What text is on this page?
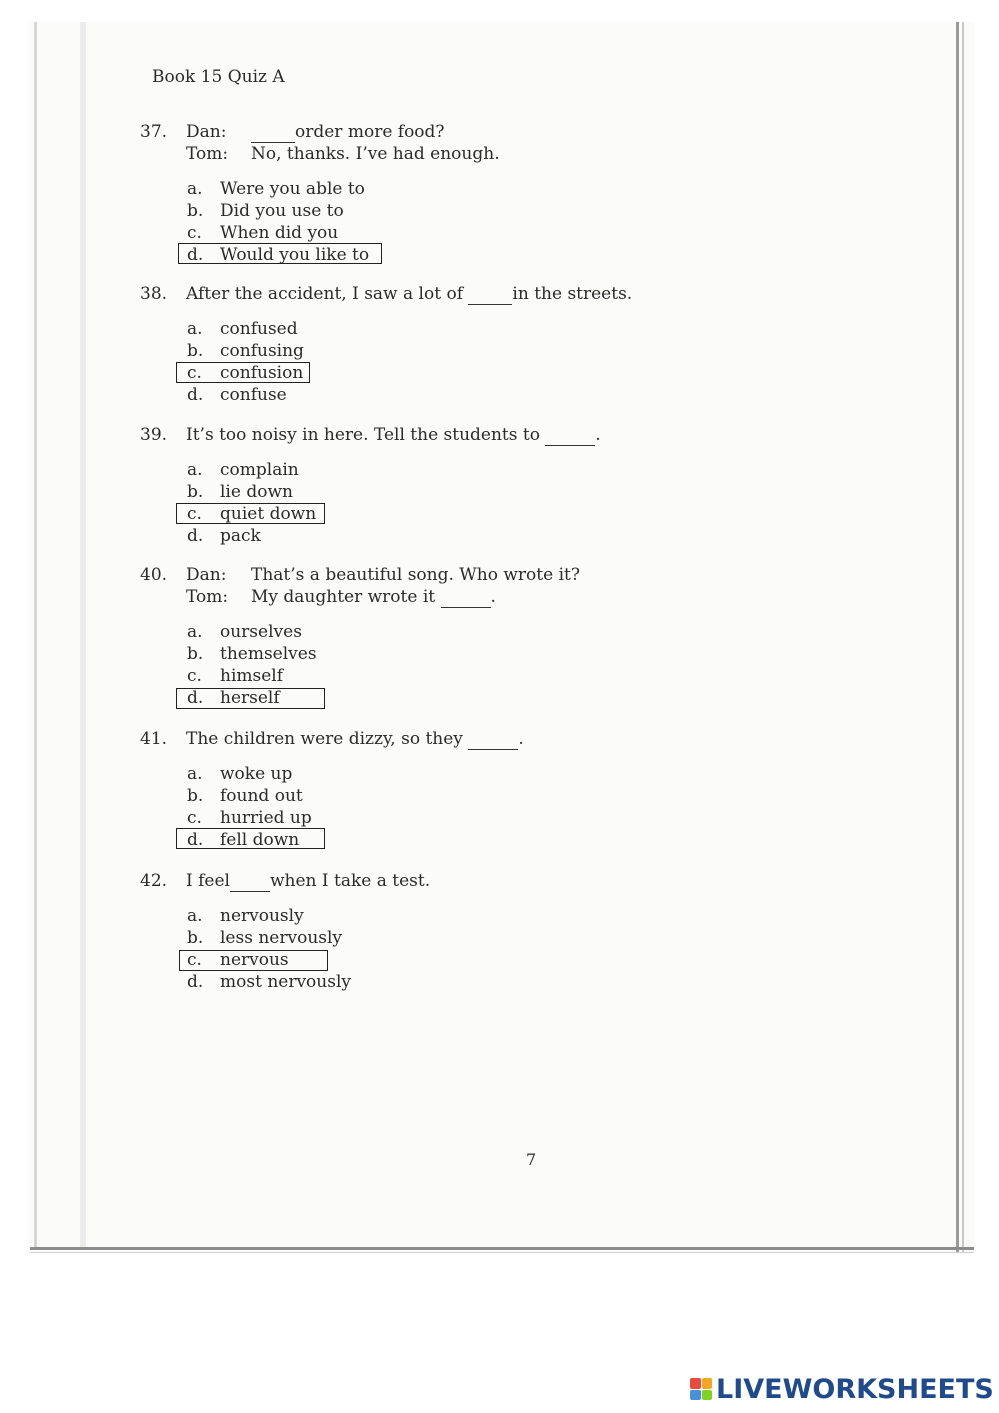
Book 15 Quiz A
37.	Dan:	order more food?
Tom:	No, thanks. I’ve had enough.
a.	Were you able to
b. Did you use to
c.	When did you
d. Would you like to
38.	After the accident, I saw a lot of
	in the streets.
a.	confused
b. confusing
c.	confusion
d. confuse
39.	It’s too noisy in here. Tell the students to
	.
a.	complain
b. lie down
c.	quiet down
d. pack
40.	Dan:	That’s a beautiful song. Who wrote it?
Tom:	My daughter wrote it
	.
a.	ourselves
b. themselves
c.	himself
d. herself
41.	The children were dizzy, so they
	.
a.	woke up
b. found out
c.	hurried up
d. fell down
42.	I feel when I take a test.
a.	nervously
b. less nervously
c.	nervous
d. most nervously
7
LIVEWORKSHEETS
